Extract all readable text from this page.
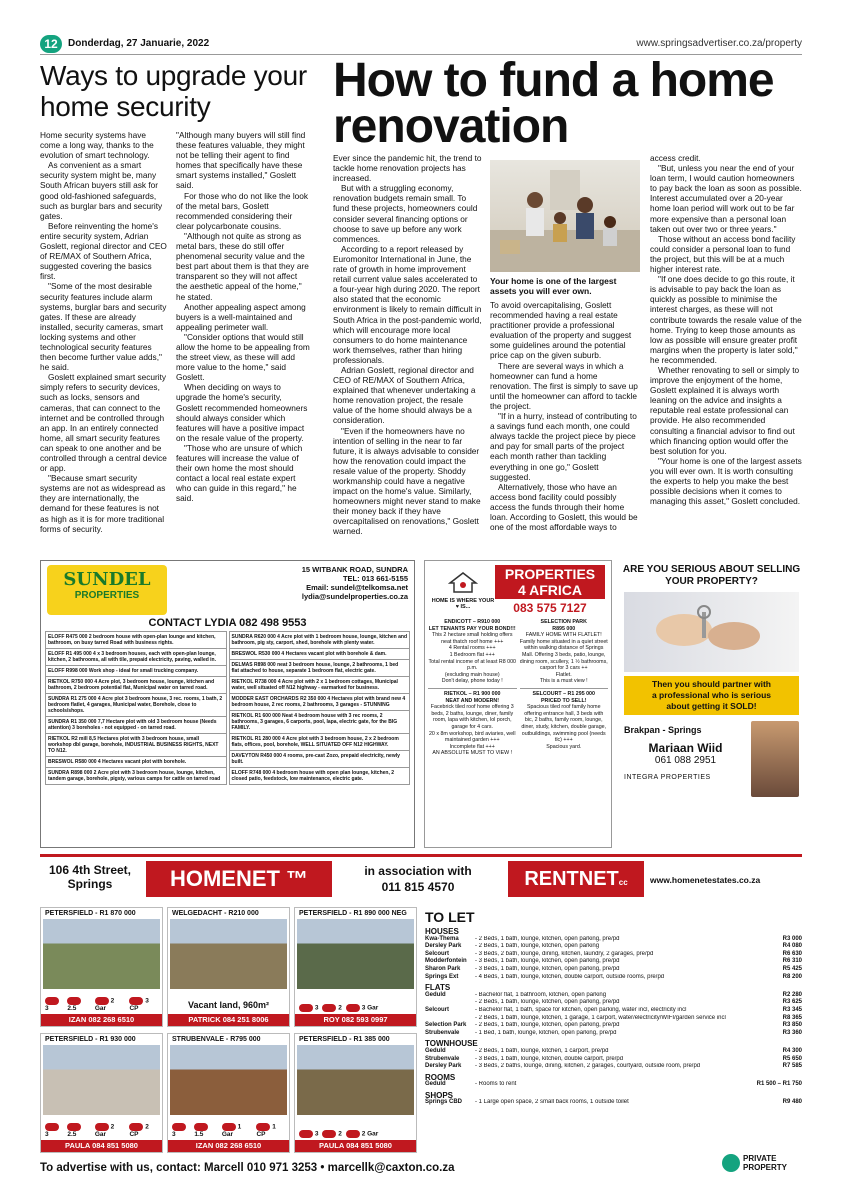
12	Donderdag, 27 Januarie, 2022	www.springsadvertiser.co.za/property
Ways to upgrade your home security

Home security systems have come a long way, thanks to the evolution of smart technology.

As convenient as a smart security system might be, many South African buyers still ask for good old-fashioned safeguards, such as burglar bars and security gates.

Before reinventing the home's entire security system, Adrian Goslett, regional director and CEO of RE/MAX of Southern Africa, suggested covering the basics first.

"Some of the most desirable security features include alarm systems, burglar bars and security gates. If these are already installed, security cameras, smart locking systems and other technological security features then become further value adds," he said.

Goslett explained smart security simply refers to security devices, such as locks, sensors and cameras, that can connect to the internet and be controlled through an app. In an entirely connected home, all smart security features can speak to one another and be controlled through a central device or app.

"Because smart security systems are not as widespread as they are internationally, the demand for these features is not as high as it is for more traditional forms of security.

"Although many buyers will still find these features valuable, they might not be telling their agent to find homes that specifically have these smart systems installed," Goslett said.

For those who do not like the look of the metal bars, Goslett recommended considering their clear polycarbonate cousins.

"Although not quite as strong as metal bars, these do still offer phenomenal security value and the best part about them is that they are transparent so they will not affect the aesthetic appeal of the home," he stated.

Another appealing aspect among buyers is a well-maintained and appealing perimeter wall.

"Consider options that would still allow the home to be appealing from the street view, as these will add more value to the home," said Goslett.

When deciding on ways to upgrade the home's security, Goslett recommended homeowners should always consider which features will have a positive impact on the resale value of the property.

"Those who are unsure of which features will increase the value of their own home the most should contact a local real estate expert who can guide in this regard," he said.

How to fund a home renovation

Ever since the pandemic hit, the trend to tackle home renovation projects has increased.

But with a struggling economy, renovation budgets remain small. To fund these projects, homeowners could consider several financing options or choose to save up before any work commences.

According to a report released by Euromonitor International in June, the rate of growth in home improvement retail current value sales accelerated to a four-year high during 2020. The report also stated that the economic environment is likely to remain difficult in South Africa in the post-pandemic world, which will encourage more local consumers to do home maintenance work themselves, rather than hiring professionals.

Adrian Goslett, regional director and CEO of RE/MAX of Southern Africa, explained that whenever undertaking a home renovation project, the resale value of the home should always be a consideration.

"Even if the homeowners have no intention of selling in the near to far future, it is always advisable to consider how the renovation could impact the resale value of the property. Shoddy workmanship could have a negative impact on the home's value. Similarly, homeowners might never stand to make their money back if they have overcapitalised on renovations," Goslett warned.

Your home is one of the largest assets you will ever own.

To avoid overcapitalising, Goslett recommended having a real estate practitioner provide a professional evaluation of the property and suggest some guidelines around the potential price cap on the given suburb.

There are several ways in which a homeowner can fund a home renovation. The first is simply to save up until the homeowner can afford to tackle the project.

"If in a hurry, instead of contributing to a savings fund each month, one could always tackle the project piece by piece and pay for small parts of the project each month rather than tackling everything in one go," Goslett suggested.

Alternatively, those who have an access bond facility could possibly access the funds through their home loan. According to Goslett, this would be one of the most affordable ways to

access credit.

"But, unless you near the end of your loan term, I would caution homeowners to pay back the loan as soon as possible. Interest accumulated over a 20-year home loan period will work out to be far more expensive than a personal loan taken out over two or three years."

Those without an access bond facility could consider a personal loan to fund the project, but this will be at a much higher interest rate.

"If one does decide to go this route, it is advisable to pay back the loan as quickly as possible to minimise the interest charges, as these will not contribute towards the resale value of the home. Trying to keep those amounts as low as possible will ensure greater profit margins when the property is later sold," he recommended.

Whether renovating to sell or simply to improve the enjoyment of the home, Goslett explained it is always worth leaning on the advice and insights a reputable real estate professional can provide. He also recommended consulting a financial advisor to find out which financing option would offer the best solution for you.

"Your home is one of the largest assets you will ever own. It is worth consulting the experts to help you make the best possible decisions when it comes to managing this asset," Goslett concluded.

SUNDEL
PROPERTIES
15 WITBANK ROAD, SUNDRA
TEL: 013 661-5155
Email: sundel@telkomsa.net
lydia@sundelproperties.co.za
CONTACT LYDIA 082 498 9553
ELOFF R475 000 2 bedroom house with open-plan lounge and kitchen, bathroom, on busy tarred Road with business rights.
ELOFF R1 495 000 4 x 3 bedroom houses, each with open-plan lounge, kitchen, 2 bathrooms, all with tile, prepaid electricity, paving, walled in.
ELOFF R998 000 Work shop - ideal for small trucking company.
RIETKOL R750 000 4 Acre plot, 3 bedroom house, lounge, kitchen and bathroom, 2 bedroom potential flat, Municipal water on tarred road.
SUNDRA R1 275 000 4 Acre plot 3 bedroom house, 3 rec. rooms, 1 bath, 2 bedroom flatlet, 4 garages, Municipal water, Borehole, close to schools/shops.
SUNDRA R1 350 000 7,7 Hectare plot with old 3 bedroom house (Needs attention) 3 boreholes - not equipped - on tarred road.
RIETKOL R2 mill 8,5 Hectares plot with 3 bedroom house, small workshop dbl garage, borehole, INDUSTRIAL BUSINESS RIGHTS, NEXT TO N12.
BRESWOL R580 000 4 Hectares vacant plot with borehole.
SUNDRA R898 000 2 Acre plot with 3 bedroom house, lounge, kitchen, tandem garage, borehole, pigsty, various camps for cattle on tarred road
SUNDRA R620 000 4 Acre plot with 1 bedroom house, lounge, kitchen and bathroom, pig sty, carport, shed, borehole with plenty water.
BRESWOL R530 000 4 Hectares vacant plot with borehole & dam.
DELMAS R898 000 neat 3 bedroom house, lounge, 2 bathrooms, 1 bed flat attached to house, separate 1 bedroom flat, electric gate.
RIETKOL R738 000 4 Acre plot with 2 x 1 bedroom cottages, Municipal water, well situated off N12 highway - earmarked for business.
MODDER EAST ORCHARDS R2 350 000 4 Hectares plot with brand new 4 bedroom house, 2 rec rooms, 2 bathrooms, 3 garages - STUNNING
RIETKOL R1 600 000 Neat 4 bedroom house with 3 rec rooms, 2 bathrooms, 3 garages, 6 carports, pool, lapa, electric gate, for the BIG FAMILY.
RIETKOL R1 280 000 4 Acre plot with 3 bedroom house, 2 x 2 bedroom flats, offices, pool, borehole, WELL SITUATED OFF N12 HIGHWAY.
DAVEYTON R450 000 4 rooms, pre-cast Zozo, prepaid electricity, newly built.
ELOFF R748 000 4 bedroom house with open plan lounge, kitchen, 2 closed patio, feedstock, low maintenance, electric gate.
HOME IS WHERE YOUR ♥ IS...
PROPERTIES
4 AFRICA
083 575 7127
ENDICOTT – R910 000
LET TENANTS PAY YOUR BOND!!!
This 2 hectare small holding offers neat thatch roof home +++
4 Rental rooms +++
1 Bedroom flat +++
Total rental income of at least R8 000 p.m.
(excluding main house)
Don't delay, phone today !
SELECTION PARK
R895 000
FAMILY HOME WITH FLATLET!
Family home situated in a quiet street within walking distance of Springs Mall. Offering 3 beds, patio, lounge, dining room, scullery, 1 ½ bathrooms, carport for 3 cars ++
Flatlet.
This is a must view !
RIETKOL – R1 900 000
NEAT AND MODERN!
Facebrick tiled roof home offering 3 beds, 2 baths, lounge, diner, family room, lapa with kitchen, lol porch, garage for 4 cars.
20 x 8m workshop, bird aviaries, well maintained garden +++
Incomplete flat +++
AN ABSOLUTE MUST TO VIEW !
SELCOURT – R1 295 000
PRICED TO SELL!
Spacious tiled roof family home offering entrance hall, 3 beds with bic, 2 baths, family room, lounge, diner, study, kitchen, double garage, outbuildings, swimming pool (needs tlc) +++
Spacious yard.
ARE YOU SERIOUS ABOUT SELLING YOUR PROPERTY?
Then you should partner with
a professional who is serious
about getting it SOLD!
Brakpan - Springs
Mariaan Wiid
061 088 2951
INTEGRA PROPERTIES
106 4th Street,
Springs	HOMENET ™	in association with
011 815 4570	RENTNETcc	www.homenetestates.co.za
PETERSFIELD - R1 870 000
3	2.5
2 Gar
3 CP
IZAN 082 268 6510
WELGEDACHT - R210 000
Vacant land, 960m²
PATRICK 084 251 8006
PETERSFIELD - R1 890 000 NEG
3	2	3 Gar
ROY 082 593 0997
PETERSFIELD - R1 930 000
3	2.5
2 Gar
2 CP
PAULA 084 851 5080
STRUBENVALE - R795 000
3	1.5
1 Gar
1 CP
IZAN 082 268 6510
PETERSFIELD - R1 385 000
3	2	2 Gar
PAULA 084 851 5080
TO LET
HOUSES
Kwa-Thema	- 2 Beds, 1 bath, lounge, kitchen, open parking, pre/pd	R3 000
Dersley Park	- 2 Beds, 1 bath, lounge, kitchen, open parking	R4 080
Selcourt	- 3 Beds, 2 bath, lounge, dining, kitchen, laundry, 2 garages, pre/pd	R6 630
Modderfontein	- 3 Beds, 1 bath, lounge, kitchen, open parking, pre/pd	R6 310
Sharon Park	- 3 Beds, 1 bath, lounge, kitchen, open parking, pre/pd	R5 425
Springs Ext	- 4 Beds, 1 bath, lounge, kitchen, double carport, outside rooms, pre/pd	R8 200
FLATS
Geduld	- Bachelor flat, 1 bathroom, kitchen, open parking	R2 280
- 2 Beds, 1 bath, lounge, kitchen, open parking, pre/pd	R3 625
Selcourt	- Bachelor flat, 1 bath, space for kitchen, open parking, water incl, electricity incl	R3 345
- 2 Beds, 1 bath, lounge, kitchen, 1 garage, 1 carport, water/electricity/WIFI/garden service incl	R8 365
Selection Park	- 2 Beds, 1 bath, lounge, kitchen, open parking, pre/pd	R3 850
Strubenvale	- 1 Bed, 1 bath, lounge, kitchen, open parking, pre/pd	R3 360
TOWNHOUSE
Geduld	- 2 Beds, 1 bath, lounge, kitchen, 1 carport, pre/pd	R4 300
Strubenvale	- 3 Beds, 1 bath, lounge, kitchen, double carport, pre/pd	R5 650
Dersley Park	- 3 Beds, 2 baths, lounge, dining, kitchen, 2 garages, courtyard, outside room, pre/pd	R7 585
ROOMS
Geduld	- Rooms to rent	R1 500 – R1 750
SHOPS
Springs CBD	- 1 Large open space, 2 small back rooms, 1 outside toilet	R9 480
To advertise with us, contact: Marcell 010 971 3253 • marcellk@caxton.co.za
PRIVATE
PROPERTY
